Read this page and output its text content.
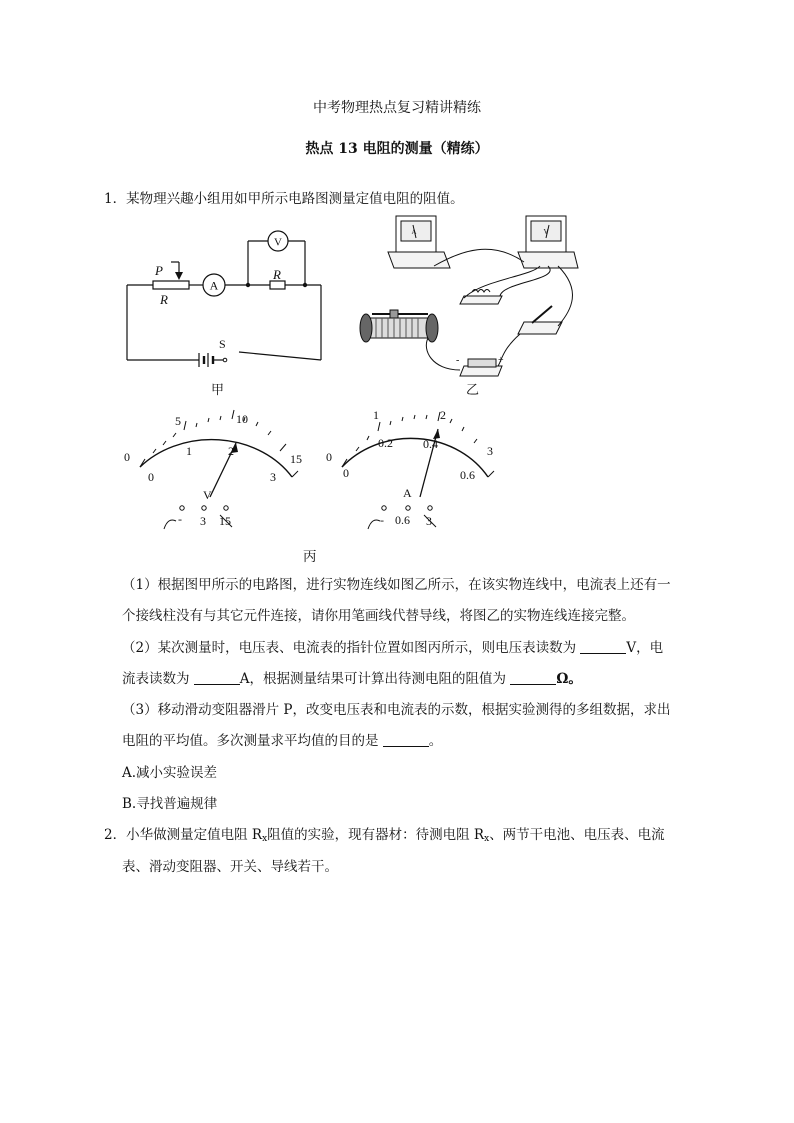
中考物理热点复习精讲精练
热点 13 电阻的测量（精练）
1．某物理兴趣小组用如甲所示电路图测量定值电阻的阻值。
P
R
R
A
V
S
甲
A	V
-	+
乙
0
5	10
15
0
1	2
3
V
- 3 15
0
1	2
3
0
0.2	0.4
0.6
A
- 0.6 3
丙
（1）根据图甲所示的电路图，进行实物连线如图乙所示，在该实物连线中，电流表上还有一
个接线柱没有与其它元件连接，请你用笔画线代替导线，将图乙的实物连线连接完整。
（2）某次测量时，电压表、电流表的指针位置如图丙所示，则电压表读数为	V，电
流表读数为	A，根据测量结果可计算出待测电阻的阻值为	Ω。
（3）移动滑动变阻器滑片 P，改变电压表和电流表的示数，根据实验测得的多组数据，求出
电阻的平均值。多次测量求平均值的目的是	。
A.减小实验误差
B.寻找普遍规律
2．小华做测量定值电阻 $R_x$阻值的实验，现有器材：待测电阻 $R_x$、两节干电池、电压表、电流
表、滑动变阻器、开关、导线若干。
